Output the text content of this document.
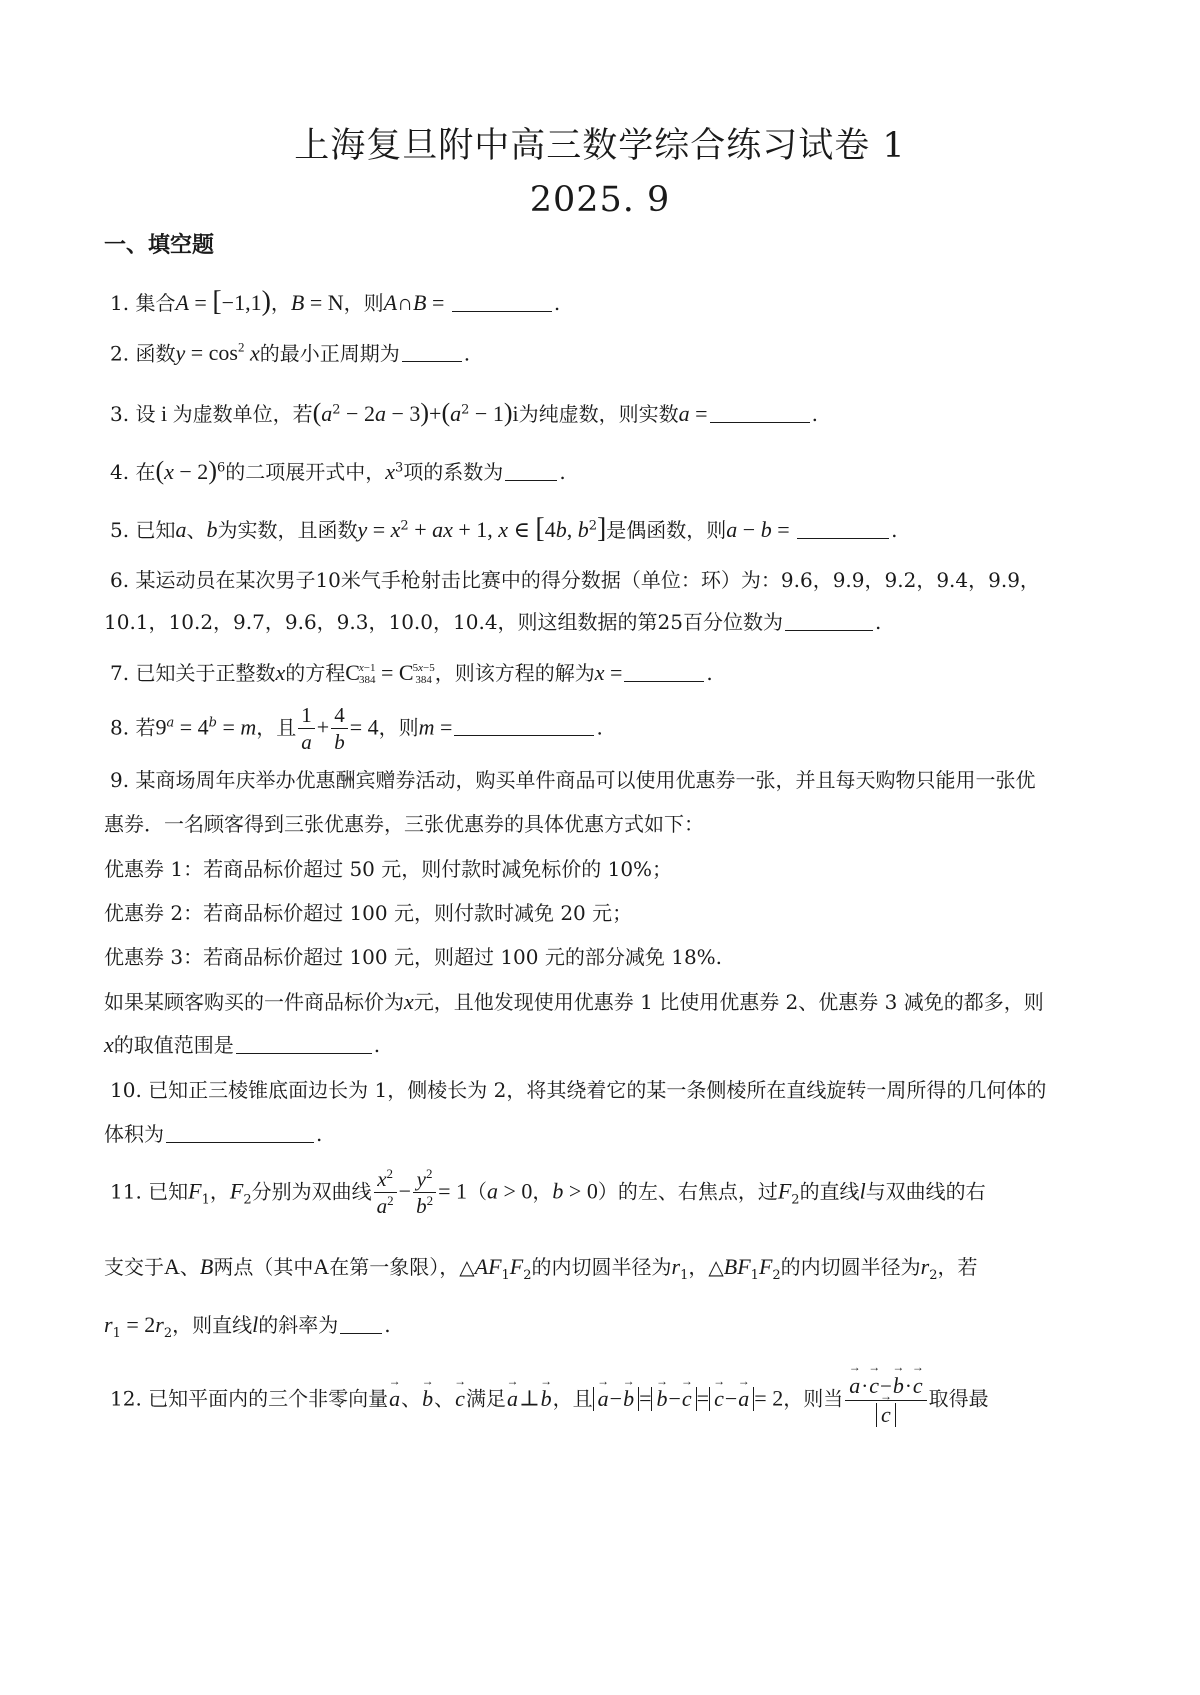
上海复旦附中高三数学综合练习试卷 1
2025. 9
一、填空题
1. 集合A = [−1,1)，B = N，则A∩B =	.
2. 函数$y = \cos^2 x$的最小正周期为	.
3. 设 i 为虚数单位，若$(a^2 - 2a - 3)+(a^2 - 1)i$为纯虚数，则实数a =	.
4. 在$(x - 2)^6$的二项展开式中，$x^3$项的系数为	.
5. 已知a、b为实数，且函数$y = x^2$ + ax + 1, x ∈ [4b, $b^2$]是偶函数，则a − b =	.
6. 某运动员在某次男子10米气手枪射击比赛中的得分数据（单位：环）为：9.6，9.9，9.2，9.4，9.9，
10.1，10.2，9.7，9.6，9.3，10.0，10.4，则这组数据的第25百分位数为	.
7. 已知关于正整数x的方程C x−1
384 = C 5x−5
384 ，则该方程的解为x =	.
8. 若$9^a = 4^b = m$，且 $\frac{1}{a} + \frac{4}{b} = 4$，则m =	.
9. 某商场周年庆举办优惠酬宾赠券活动，购买单件商品可以使用优惠券一张，并且每天购物只能用一张优
惠券．一名顾客得到三张优惠券，三张优惠券的具体优惠方式如下：
优惠券 1：若商品标价超过 50 元，则付款时减免标价的 10%；
优惠券 2：若商品标价超过 100 元，则付款时减免 20 元；
优惠券 3：若商品标价超过 100 元，则超过 100 元的部分减免 18%.
如果某顾客购买的一件商品标价为x元，且他发现使用优惠券 1 比使用优惠券 2、优惠券 3 减免的都多，则
x的取值范围是	.
10. 已知正三棱锥底面边长为 1，侧棱长为 2，将其绕着它的某一条侧棱所在直线旋转一周所得的几何体的
体积为	.
11. 已知$F_1$，$F_2$分别为双曲线 $\frac{x^2}{a^2} - \frac{y^2}{b^2} = 1(a > 0$，b > 0）的左、右焦点，过$F_2$的直线l与双曲线的右
支交于A、B两点（其中A在第一象限），$\triangle AF_1F_2$的内切圆半径为$r_1$，$\triangle BF_1F_2$的内切圆半径为$r_2$，若
$r_1 = 2r_2$，则直线l的斜率为 .
12. 已知平面内的三个非零向量→ a、→ b、→ c满足→ a⊥→ b，且 → a−→ b = → b−→ c = → c−→ a = 2，则当 → a·→ c−→ b·→ c
→ c 取得最
